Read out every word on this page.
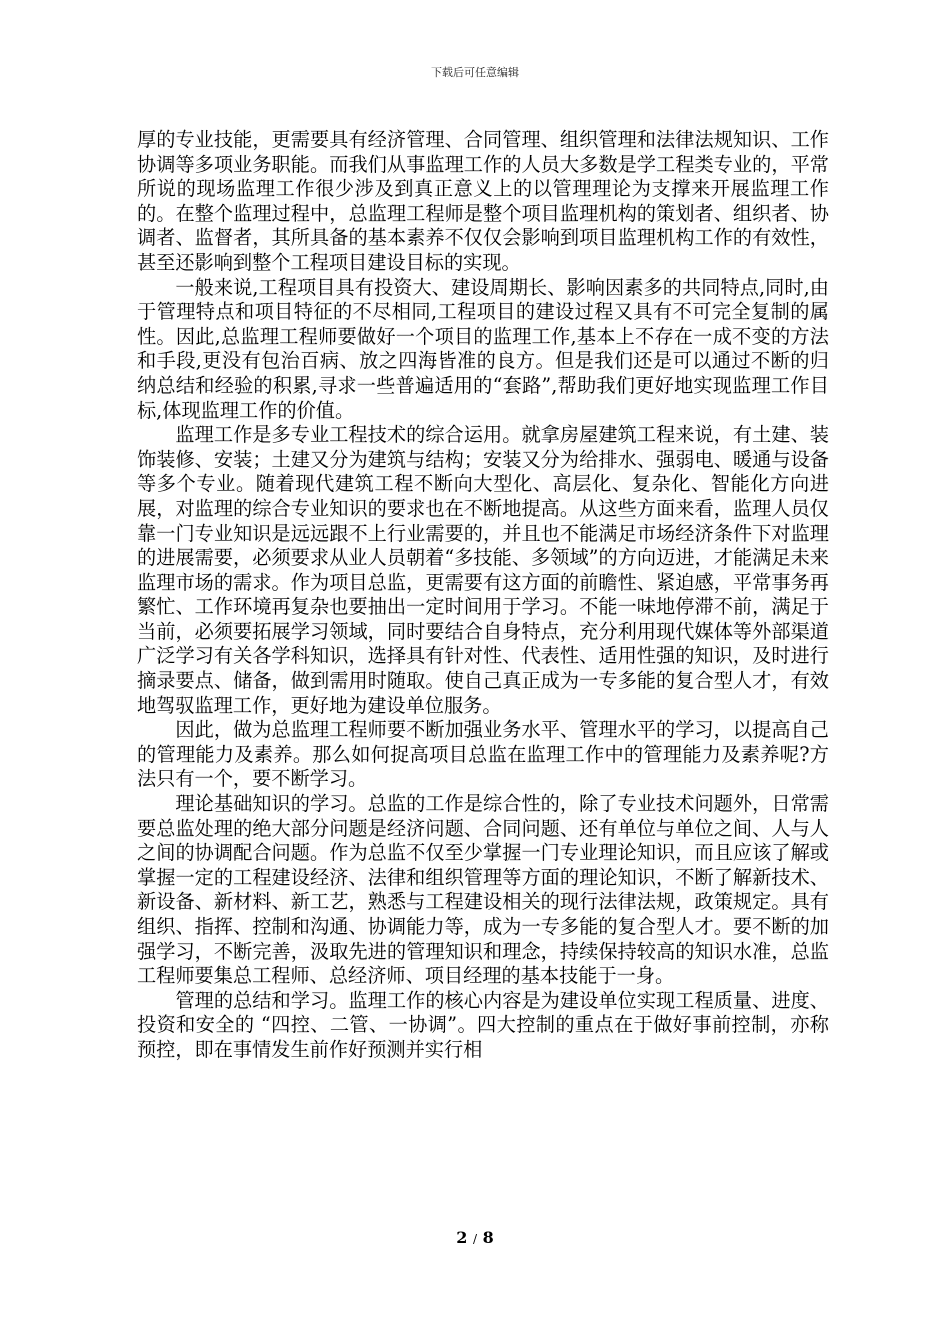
下载后可任意编辑

厚的专业技能，更需要具有经济管理、合同管理、组织管理和法律法规知识、工作协调等多项业务职能。而我们从事监理工作的人员大多数是学工程类专业的，平常所说的现场监理工作很少涉及到真正意义上的以管理理论为支撑来开展监理工作的。在整个监理过程中，总监理工程师是整个项目监理机构的策划者、组织者、协调者、监督者，其所具备的基本素养不仅仅会影响到项目监理机构工作的有效性，甚至还影响到整个工程项目建设目标的实现。

一般来说,工程项目具有投资大、建设周期长、影响因素多的共同特点,同时,由于管理特点和项目特征的不尽相同,工程项目的建设过程又具有不可完全复制的属性。因此,总监理工程师要做好一个项目的监理工作,基本上不存在一成不变的方法和手段,更没有包治百病、放之四海皆准的良方。但是我们还是可以通过不断的归纳总结和经验的积累,寻求一些普遍适用的“套路”,帮助我们更好地实现监理工作目标,体现监理工作的价值。

监理工作是多专业工程技术的综合运用。就拿房屋建筑工程来说，有土建、装饰装修、安装；土建又分为建筑与结构；安装又分为给排水、强弱电、暖通与设备等多个专业。随着现代建筑工程不断向大型化、高层化、复杂化、智能化方向进展，对监理的综合专业知识的要求也在不断地提高。从这些方面来看，监理人员仅靠一门专业知识是远远跟不上行业需要的，并且也不能满足市场经济条件下对监理的进展需要，必须要求从业人员朝着“多技能、多领域”的方向迈进，才能满足未来监理市场的需求。作为项目总监，更需要有这方面的前瞻性、紧迫感，平常事务再繁忙、工作环境再复杂也要抽出一定时间用于学习。不能一味地停滞不前，满足于当前，必须要拓展学习领域，同时要结合自身特点，充分利用现代媒体等外部渠道广泛学习有关各学科知识，选择具有针对性、代表性、适用性强的知识，及时进行摘录要点、储备，做到需用时随取。使自己真正成为一专多能的复合型人才，有效地驾驭监理工作，更好地为建设单位服务。

因此，做为总监理工程师要不断加强业务水平、管理水平的学习，以提高自己的管理能力及素养。那么如何捉高项目总监在监理工作中的管理能力及素养呢?方法只有一个，要不断学习。

理论基础知识的学习。总监的工作是综合性的，除了专业技术问题外，日常需要总监处理的绝大部分问题是经济问题、合同问题、还有单位与单位之间、人与人之间的协调配合问题。作为总监不仅至少掌握一门专业理论知识，而且应该了解或掌握一定的工程建设经济、法律和组织管理等方面的理论知识，不断了解新技术、新设备、新材料、新工艺，熟悉与工程建设相关的现行法律法规，政策规定。具有组织、指挥、控制和沟通、协调能力等，成为一专多能的复合型人才。要不断的加强学习，不断完善，汲取先进的管理知识和理念，持续保持较高的知识水准，总监工程师要集总工程师、总经济师、项目经理的基本技能于一身。

管理的总结和学习。监理工作的核心内容是为建设单位实现工程质量、进度、投资和安全的 “四控、二管、一协调”。四大控制的重点在于做好事前控制，亦称预控，即在事情发生前作好预测并实行相

2 / 8
